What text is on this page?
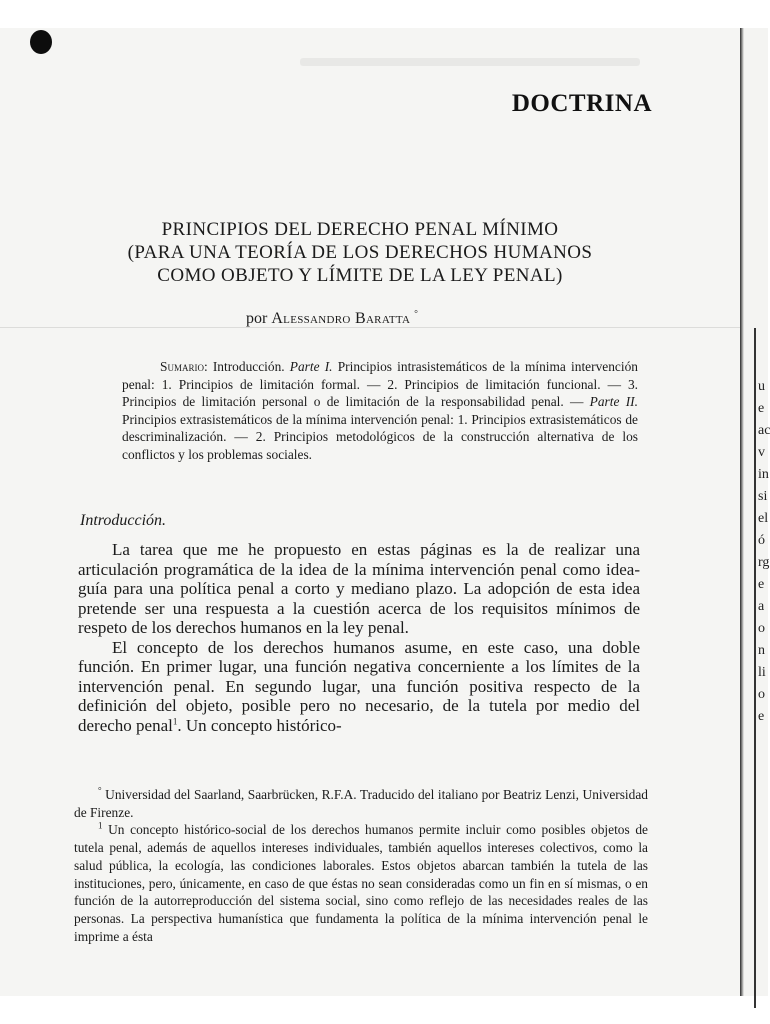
DOCTRINA
PRINCIPIOS DEL DERECHO PENAL MÍNIMO
(PARA UNA TEORÍA DE LOS DERECHOS HUMANOS
COMO OBJETO Y LÍMITE DE LA LEY PENAL)

por Alessandro Baratta °

Sumario: Introducción. Parte I. Principios intrasistemáticos de la mínima intervención penal: 1. Principios de limitación formal. — 2. Principios de limitación funcional. — 3. Principios de limitación personal o de limitación de la responsabilidad penal. — Parte II. Principios extrasistemáticos de la mínima intervención penal: 1. Principios extrasistemáticos de descriminalización. — 2. Principios metodológicos de la construcción alternativa de los conflictos y los problemas sociales.

Introducción.

La tarea que me he propuesto en estas páginas es la de realizar una articulación programática de la idea de la mínima intervención penal como idea-guía para una política penal a corto y mediano plazo. La adopción de esta idea pretende ser una respuesta a la cuestión acerca de los requisitos mínimos de respeto de los derechos humanos en la ley penal.

El concepto de los derechos humanos asume, en este caso, una doble función. En primer lugar, una función negativa concerniente a los límites de la intervención penal. En segundo lugar, una función positiva respecto de la definición del objeto, posible pero no necesario, de la tutela por medio del derecho penal$^1$. Un concepto histórico-

° Universidad del Saarland, Saarbrücken, R.F.A. Traducido del italiano por Beatriz Lenzi, Universidad de Firenze.

$^1$ Un concepto histórico-social de los derechos humanos permite incluir como posibles objetos de tutela penal, además de aquellos intereses individuales, también aquellos intereses colectivos, como la salud pública, la ecología, las condiciones laborales. Estos objetos abarcan también la tutela de las instituciones, pero, únicamente, en caso de que éstas no sean consideradas como un fin en sí mismas, o en función de la autorreproducción del sistema social, sino como reflejo de las necesidades reales de las personas. La perspectiva humanística que fundamenta la política de la mínima intervención penal le imprime a ésta

u
e
ac
v
in
si
el
ó
rg
e
a
o
n
li
o
e
